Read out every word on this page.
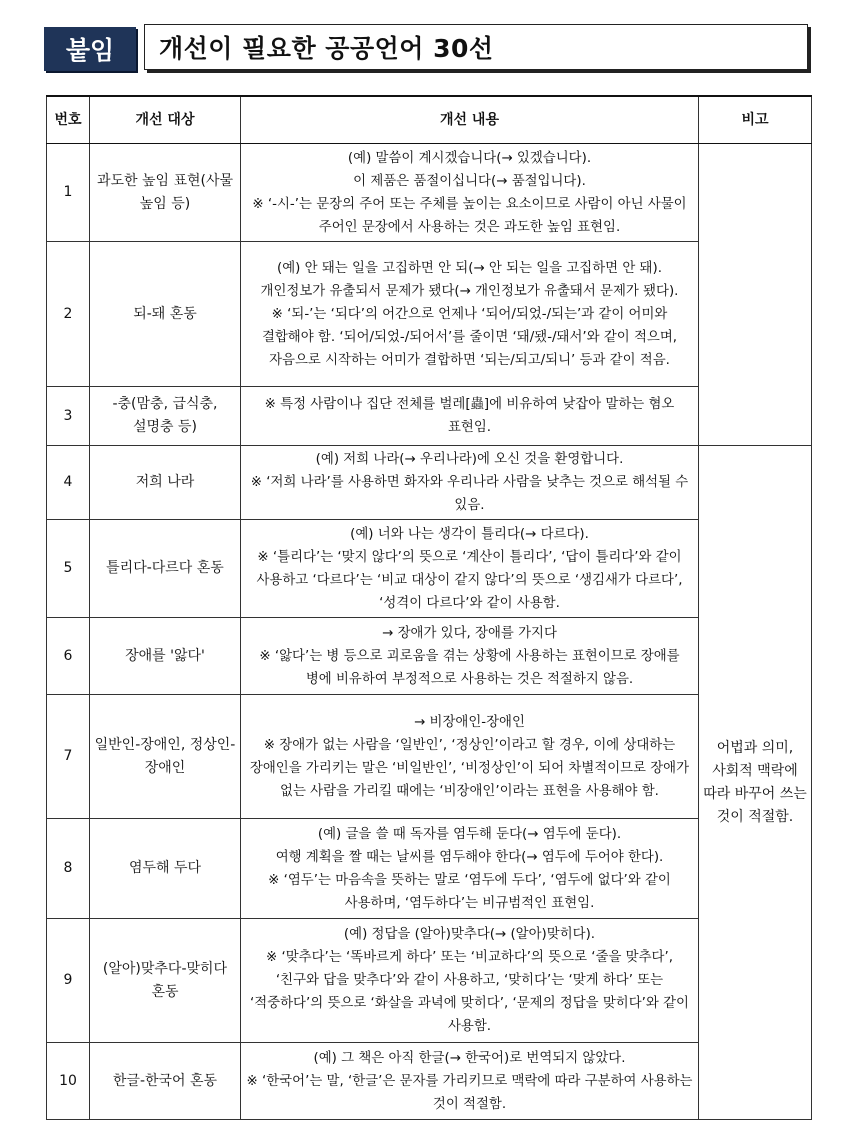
붙임	개선이 필요한 공공언어 30선
번호	개선 대상	개선 내용	비고
1	과도한 높임 표현(사물 높임 등)	(예) 말씀이 계시겠습니다(→ 있겠습니다).
이 제품은 품절이십니다(→ 품절입니다).
※ ‘-시-’는 문장의 주어 또는 주체를 높이는 요소이므로 사람이 아닌 사물이 주어인 문장에서 사용하는 것은 과도한 높임 표현임.	

2	되-돼 혼동	(예) 안 돼는 일을 고집하면 안 되(→ 안 되는 일을 고집하면 안 돼).
개인정보가 유출되서 문제가 됐다(→ 개인정보가 유출돼서 문제가 됐다).
※ ‘되-’는 ‘되다’의 어간으로 언제나 ‘되어/되었-/되는’과 같이 어미와 결합해야 함. ‘되어/되었-/되어서’를 줄이면 ‘돼/됐-/돼서’와 같이 적으며, 자음으로 시작하는 어미가 결합하면 ‘되는/되고/되니’ 등과 같이 적음.	

3	-충(맘충, 급식충, 설명충 등)	※ 특정 사람이나 집단 전체를 벌레[蟲]에 비유하여 낮잡아 말하는 혐오 표현임.	

4	저희 나라	(예) 저희 나라(→ 우리나라)에 오신 것을 환영합니다.
※ ‘저희 나라’를 사용하면 화자와 우리나라 사람을 낮추는 것으로 해석될 수 있음.	어법과 의미, 사회적 맥락에 따라 바꾸어 쓰는 것이 적절함.
5	틀리다-다르다 혼동	(예) 너와 나는 생각이 틀리다(→ 다르다).
※ ‘틀리다’는 ‘맞지 않다’의 뜻으로 ‘계산이 틀리다’, ‘답이 틀리다’와 같이 사용하고 ‘다르다’는 ‘비교 대상이 같지 않다’의 뜻으로 ‘생김새가 다르다’, ‘성격이 다르다’와 같이 사용함.	

6	장애를 '앓다'	→ 장애가 있다, 장애를 가지다
※ ‘앓다’는 병 등으로 괴로움을 겪는 상황에 사용하는 표현이므로 장애를 병에 비유하여 부정적으로 사용하는 것은 적절하지 않음.	

7	일반인-장애인, 정상인-장애인	→ 비장애인-장애인
※ 장애가 없는 사람을 ‘일반인’, ‘정상인’이라고 할 경우, 이에 상대하는 장애인을 가리키는 말은 ‘비일반인’, ‘비정상인’이 되어 차별적이므로 장애가 없는 사람을 가리킬 때에는 ‘비장애인’이라는 표현을 사용해야 함.	

8	염두해 두다	(예) 글을 쓸 때 독자를 염두해 둔다(→ 염두에 둔다).
여행 계획을 짤 때는 날씨를 염두해야 한다(→ 염두에 두어야 한다).
※ ‘염두’는 마음속을 뜻하는 말로 ‘염두에 두다’, ‘염두에 없다’와 같이 사용하며, ‘염두하다’는 비규범적인 표현임.	

9	(알아)맞추다-맞히다 혼동	(예) 정답을 (알아)맞추다(→ (알아)맞히다).
※ ‘맞추다’는 ‘똑바르게 하다’ 또는 ‘비교하다’의 뜻으로 ‘줄을 맞추다’, ‘친구와 답을 맞추다’와 같이 사용하고, ‘맞히다’는 ‘맞게 하다’ 또는 ‘적중하다’의 뜻으로 ‘화살을 과녁에 맞히다’, ‘문제의 정답을 맞히다’와 같이 사용함.	

10	한글-한국어 혼동	(예) 그 책은 아직 한글(→ 한국어)로 번역되지 않았다.
※ ‘한국어’는 말, ‘한글’은 문자를 가리키므로 맥락에 따라 구분하여 사용하는 것이 적절함.	
